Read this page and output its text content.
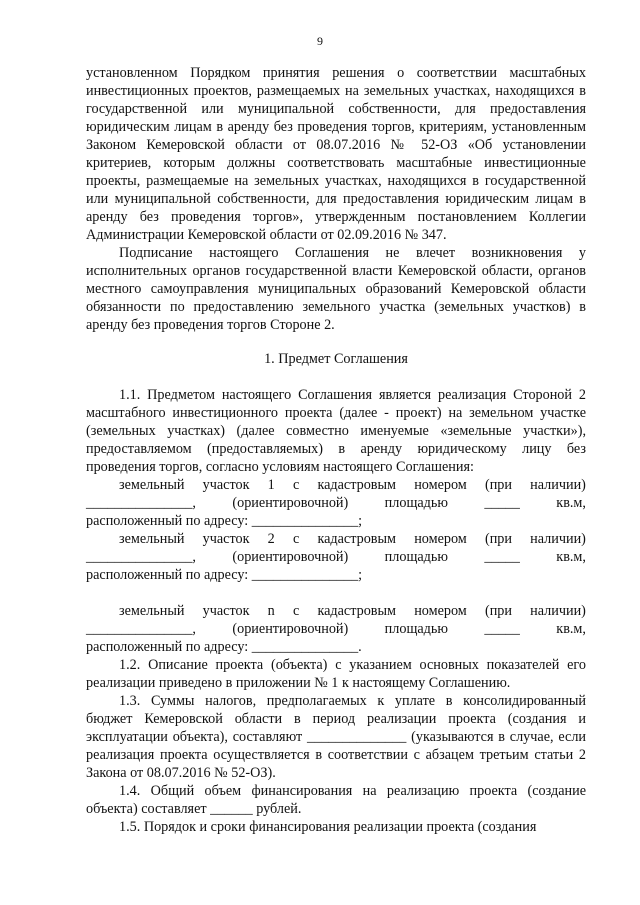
9

установленном Порядком принятия решения о соответствии масштабных инвестиционных проектов, размещаемых на земельных участках, находящихся в государственной или муниципальной собственности, для предоставления юридическим лицам в аренду без проведения торгов, критериям, установленным Законом Кемеровской области от 08.07.2016 № 52-ОЗ «Об установлении критериев, которым должны соответствовать масштабные инвестиционные проекты, размещаемые на земельных участках, находящихся в государственной или муниципальной собственности, для предоставления юридическим лицам в аренду без проведения торгов», утвержденным постановлением Коллегии Администрации Кемеровской области от 02.09.2016 № 347.

Подписание настоящего Соглашения не влечет возникновения у исполнительных органов государственной власти Кемеровской области, органов местного самоуправления муниципальных образований Кемеровской области обязанности по предоставлению земельного участка (земельных участков) в аренду без проведения торгов Стороне 2.

1. Предмет Соглашения

1.1. Предметом настоящего Соглашения является реализация Стороной 2 масштабного инвестиционного проекта (далее - проект) на земельном участке (земельных участках) (далее совместно именуемые «земельные участки»), предоставляемом (предоставляемых) в аренду юридическому лицу без проведения торгов, согласно условиям настоящего Соглашения:

земельный участок 1 с кадастровым номером (при наличии)
_______________,	(ориентировочной)	площадью	_____	кв.м,
расположенный по адресу: _______________;
земельный участок 2 с кадастровым номером (при наличии)
_______________,	(ориентировочной)	площадью	_____	кв.м,
расположенный по адресу: _______________;
земельный участок n с кадастровым номером (при наличии)
_______________,	(ориентировочной)	площадью	_____	кв.м,
расположенный по адресу: _______________.

1.2. Описание проекта (объекта) с указанием основных показателей его реализации приведено в приложении № 1 к настоящему Соглашению.

1.3. Суммы налогов, предполагаемых к уплате в консолидированный бюджет Кемеровской области в период реализации проекта (создания и эксплуатации объекта), составляют ______________ (указываются в случае, если реализация проекта осуществляется в соответствии с абзацем третьим статьи 2 Закона от 08.07.2016 № 52-ОЗ).

1.4. Общий объем финансирования на реализацию проекта (создание объекта) составляет ______ рублей.

1.5. Порядок и сроки финансирования реализации проекта (создания
